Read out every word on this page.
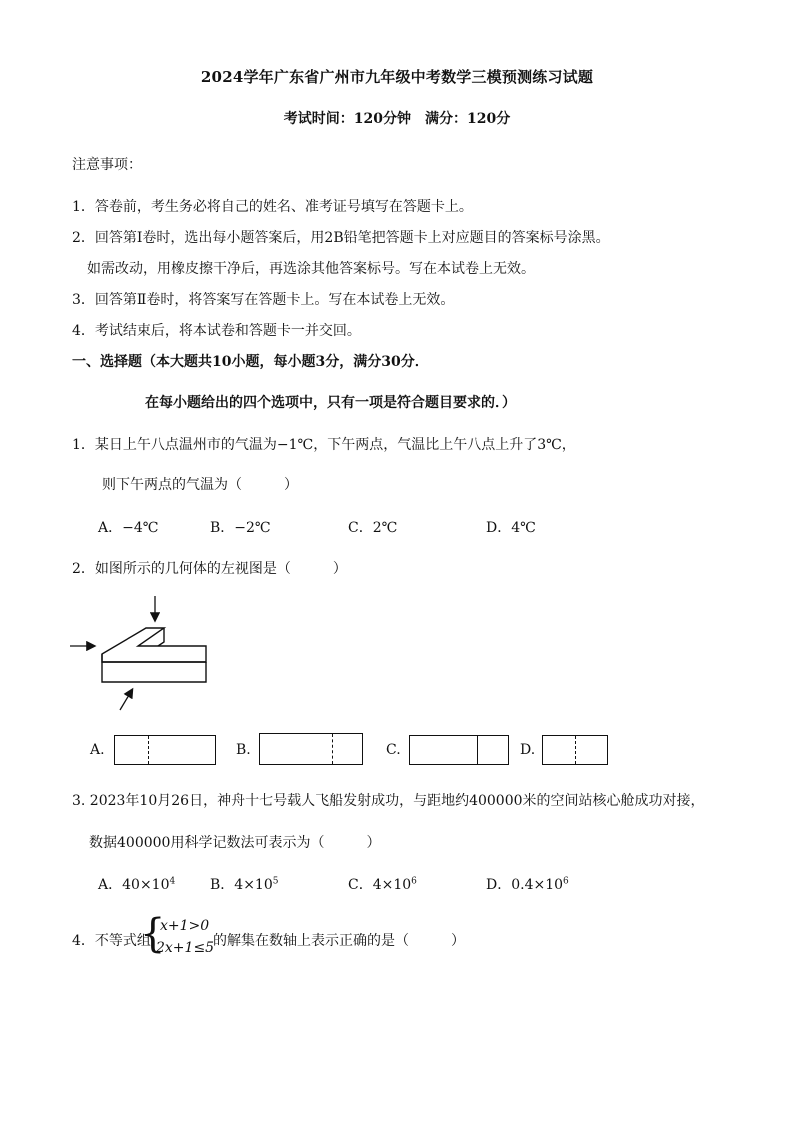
2024学年广东省广州市九年级中考数学三模预测练习试题
考试时间：120分钟　满分：120分
注意事项：
1．答卷前，考生务必将自己的姓名、准考证号填写在答题卡上。
2．回答第Ⅰ卷时，选出每小题答案后，用2B铅笔把答题卡上对应题目的答案标号涂黑。
如需改动，用橡皮擦干净后，再选涂其他答案标号。写在本试卷上无效。
3．回答第Ⅱ卷时，将答案写在答题卡上。写在本试卷上无效。
4．考试结束后，将本试卷和答题卡一并交回。
一、选择题（本大题共10小题，每小题3分，满分30分．
在每小题给出的四个选项中，只有一项是符合题目要求的．）
1．某日上午八点温州市的气温为−1℃，下午两点，气温比上午八点上升了3℃，
则下午两点的气温为（　　　）
A．−4℃	B．−2℃	C．2℃	D．4℃
2．如图所示的几何体的左视图是（　　　）
A.	B.	C.	D.
3. 2023年10月26日，神舟十七号载人飞船发射成功，与距地约400000米的空间站核心舱成功对接，
数据400000用科学记数法可表示为（　　　）
A．$40\times 10^4$ B．$4\times 10^5$	C．$4\times 10^6$	D．$0.4\times 10^6$
4．不等式组
{
x+1>0
2x+1≤5
的解集在数轴上表示正确的是（　　　）
